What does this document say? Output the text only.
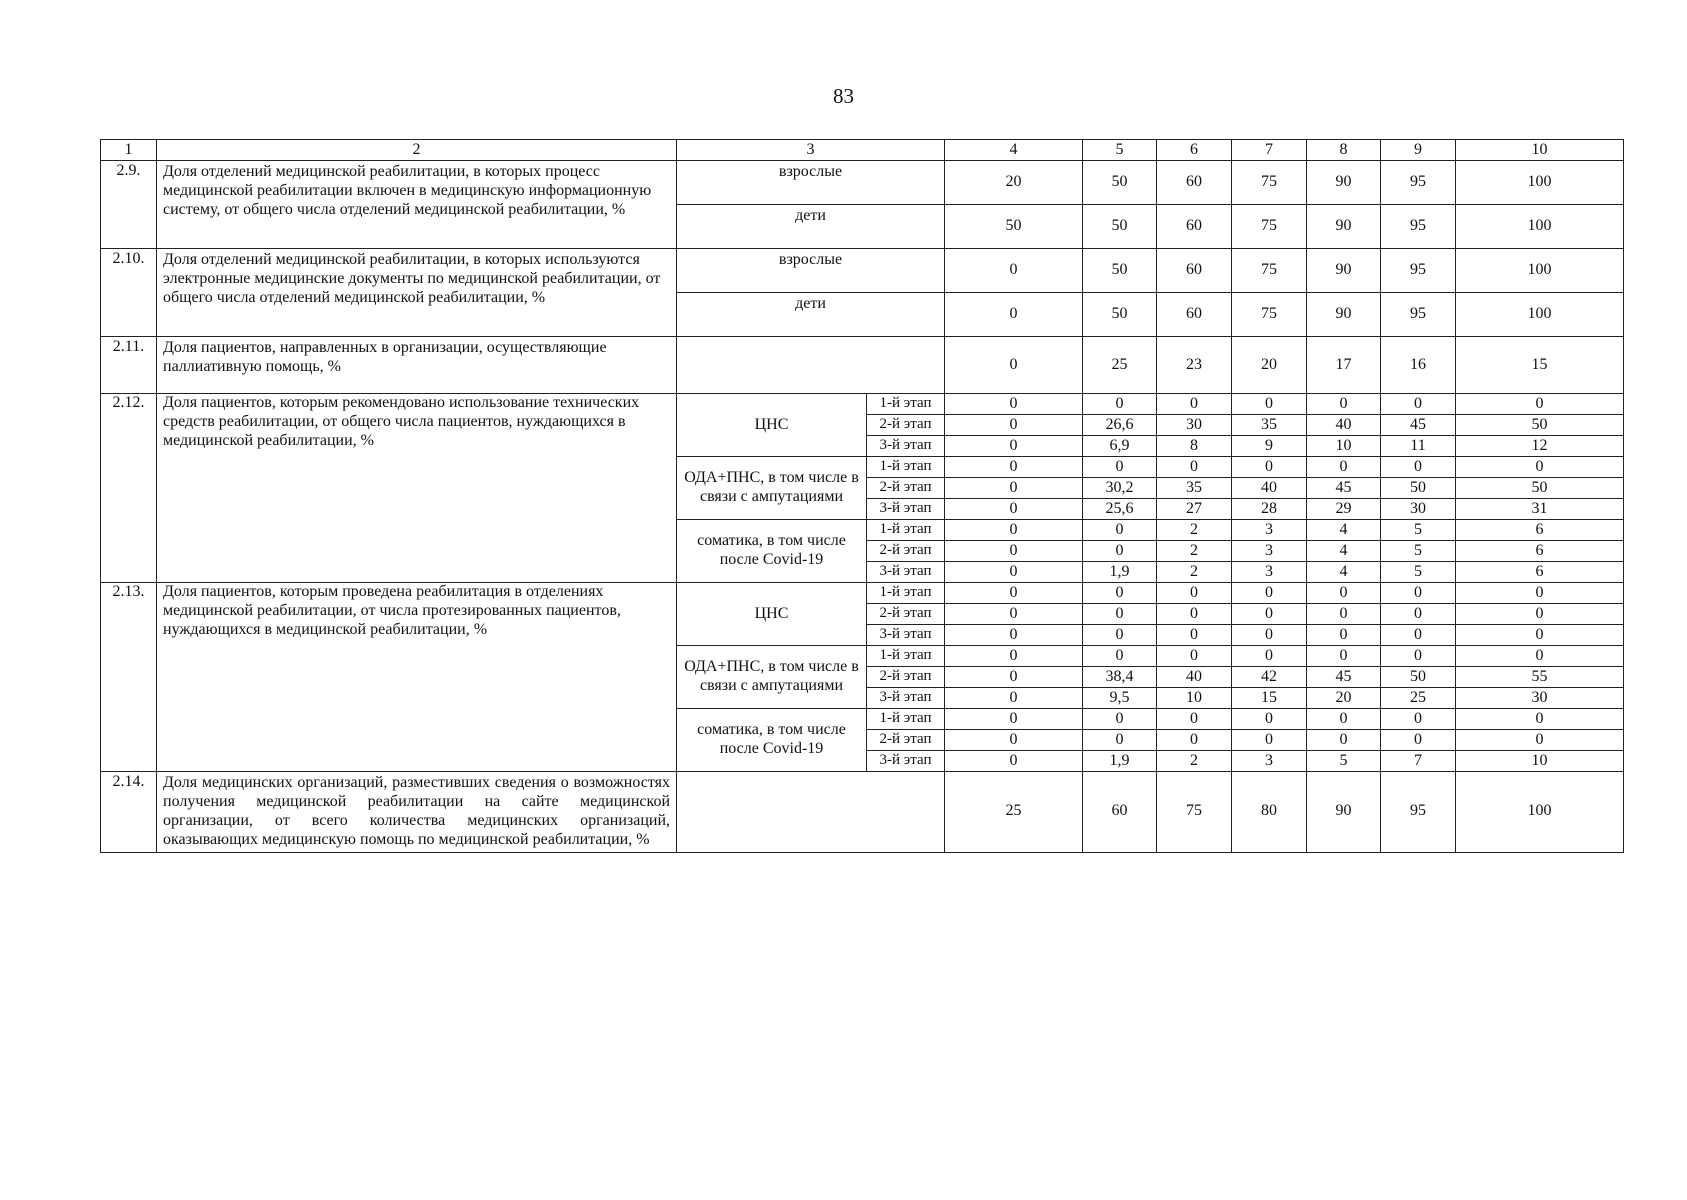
83
1	2	3		4	5	6	7	8	9	10
2.9.	Доля отделений медицинской реабилитации, в которых процесс медицинской реабилитации включен в медицинскую информационную систему, от общего числа отделений медицинской реабилитации, %	взрослые		20	50	60	75	90	95	100
		дети		50	50	60	75	90	95	100
2.10.	Доля отделений медицинской реабилитации, в которых используются электронные медицинские документы по медицинской реабилитации, от общего числа отделений медицинской реабилитации, %	взрослые		0	50	60	75	90	95	100
		дети		0	50	60	75	90	95	100
2.11.	Доля пациентов, направленных в организации, осуществляющие паллиативную помощь, %			0	25	23	20	17	16	15
2.12.	Доля пациентов, которым рекомендовано использование технических средств реабилитации, от общего числа пациентов, нуждающихся в медицинской реабилитации, %	ЦНС	1-й этап	0	0	0	0	0	0	0
			2-й этап	0	26,6	30	35	40	45	50
			3-й этап	0	6,9	8	9	10	11	12
		ОДА+ПНС, в том числе в связи с ампутациями	1-й этап	0	0	0	0	0	0	0
			2-й этап	0	30,2	35	40	45	50	50
			3-й этап	0	25,6	27	28	29	30	31
		соматика, в том числе после Covid-19	1-й этап	0	0	2	3	4	5	6
			2-й этап	0	0	2	3	4	5	6
			3-й этап	0	1,9	2	3	4	5	6
2.13.	Доля пациентов, которым проведена реабилитация в отделениях медицинской реабилитации, от числа протезированных пациентов, нуждающихся в медицинской реабилитации, %	ЦНС	1-й этап	0	0	0	0	0	0	0
			2-й этап	0	0	0	0	0	0	0
			3-й этап	0	0	0	0	0	0	0
		ОДА+ПНС, в том числе в связи с ампутациями	1-й этап	0	0	0	0	0	0	0
			2-й этап	0	38,4	40	42	45	50	55
			3-й этап	0	9,5	10	15	20	25	30
		соматика, в том числе после Covid-19	1-й этап	0	0	0	0	0	0	0
			2-й этап	0	0	0	0	0	0	0
			3-й этап	0	1,9	2	3	5	7	10
2.14.	Доля медицинских организаций, разместивших сведения о возможностях получения медицинской реабилитации на сайте медицинской организации, от всего количества медицинских организаций, оказывающих медицинскую помощь по медицинской реабилитации, %			25	60	75	80	90	95	100
